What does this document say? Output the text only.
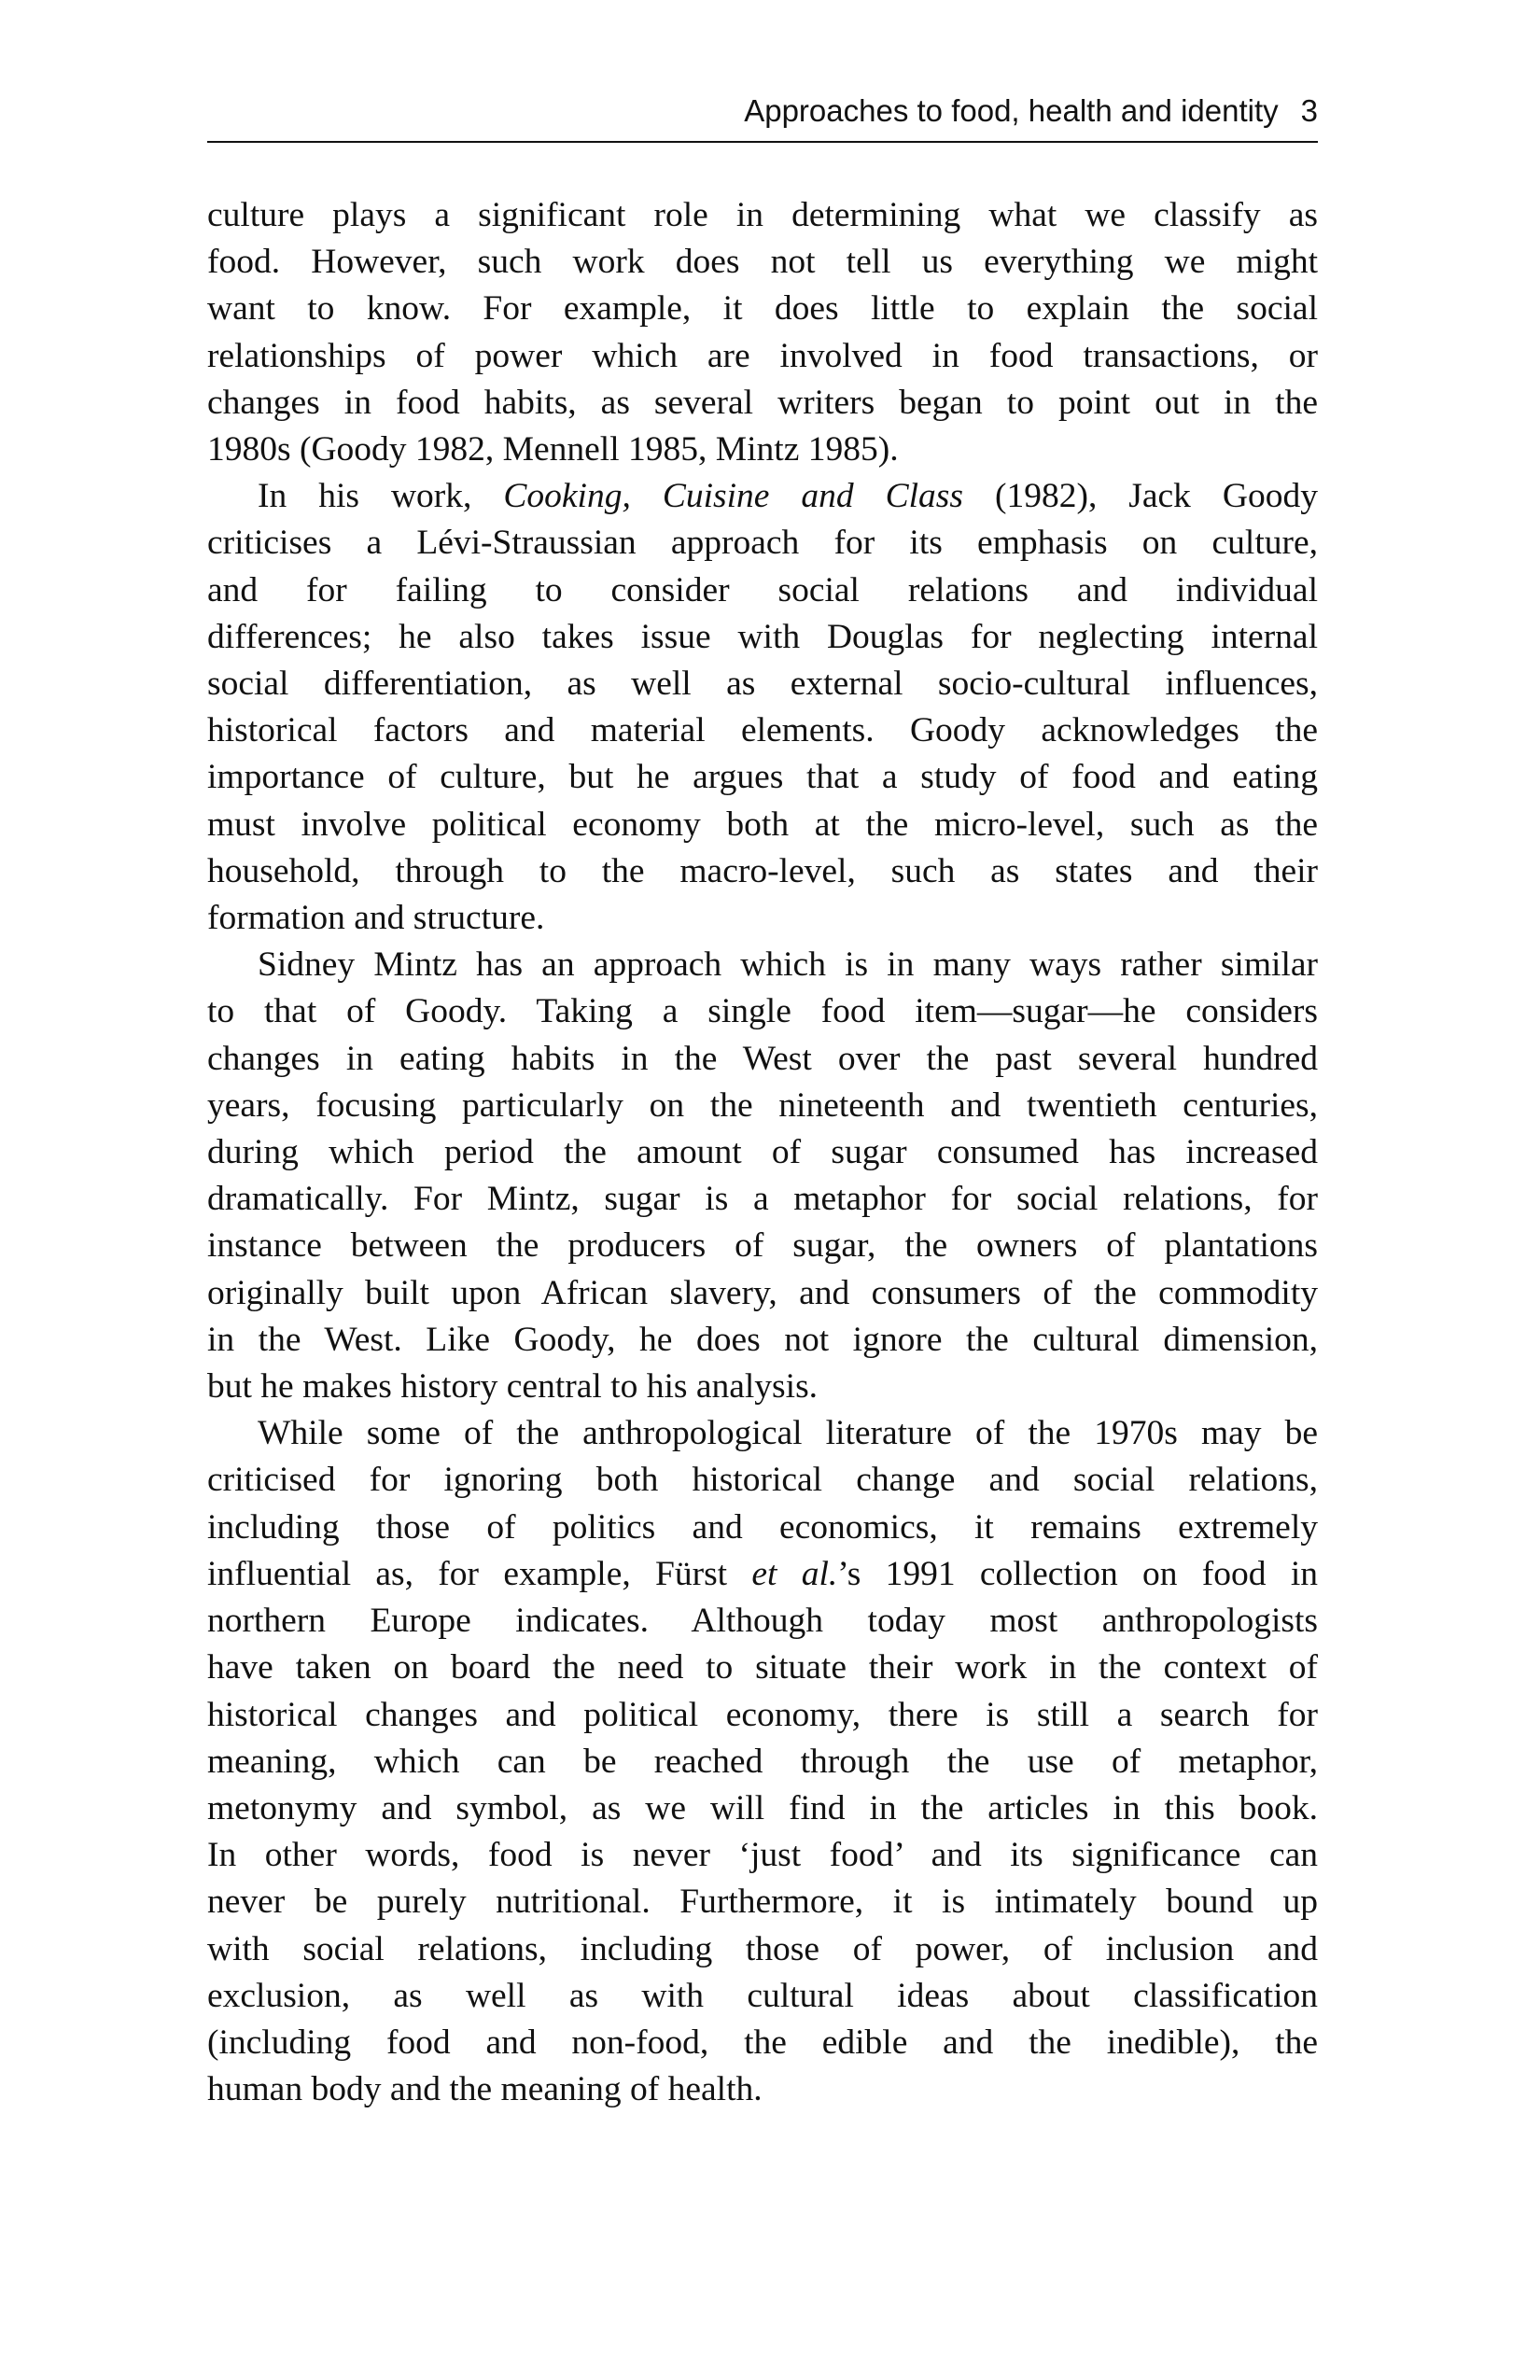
Approaches to food, health and identity 3
culture plays a significant role in determining what we classify as
food. However, such work does not tell us everything we might
want to know. For example, it does little to explain the social
relationships of power which are involved in food transactions, or
changes in food habits, as several writers began to point out in the
1980s (Goody 1982, Mennell 1985, Mintz 1985).
In his work, Cooking, Cuisine and Class (1982), Jack Goody
criticises a Lévi-Straussian approach for its emphasis on culture,
and for failing to consider social relations and individual
differences; he also takes issue with Douglas for neglecting internal
social differentiation, as well as external socio-cultural influences,
historical factors and material elements. Goody acknowledges the
importance of culture, but he argues that a study of food and eating
must involve political economy both at the micro-level, such as the
household, through to the macro-level, such as states and their
formation and structure.
Sidney Mintz has an approach which is in many ways rather similar
to that of Goody. Taking a single food item—sugar—he considers
changes in eating habits in the West over the past several hundred
years, focusing particularly on the nineteenth and twentieth centuries,
during which period the amount of sugar consumed has increased
dramatically. For Mintz, sugar is a metaphor for social relations, for
instance between the producers of sugar, the owners of plantations
originally built upon African slavery, and consumers of the commodity
in the West. Like Goody, he does not ignore the cultural dimension,
but he makes history central to his analysis.
While some of the anthropological literature of the 1970s may be
criticised for ignoring both historical change and social relations,
including those of politics and economics, it remains extremely
influential as, for example, Fürst et al.’s 1991 collection on food in
northern Europe indicates. Although today most anthropologists
have taken on board the need to situate their work in the context of
historical changes and political economy, there is still a search for
meaning, which can be reached through the use of metaphor,
metonymy and symbol, as we will find in the articles in this book.
In other words, food is never ‘just food’ and its significance can
never be purely nutritional. Furthermore, it is intimately bound up
with social relations, including those of power, of inclusion and
exclusion, as well as with cultural ideas about classification
(including food and non-food, the edible and the inedible), the
human body and the meaning of health.
